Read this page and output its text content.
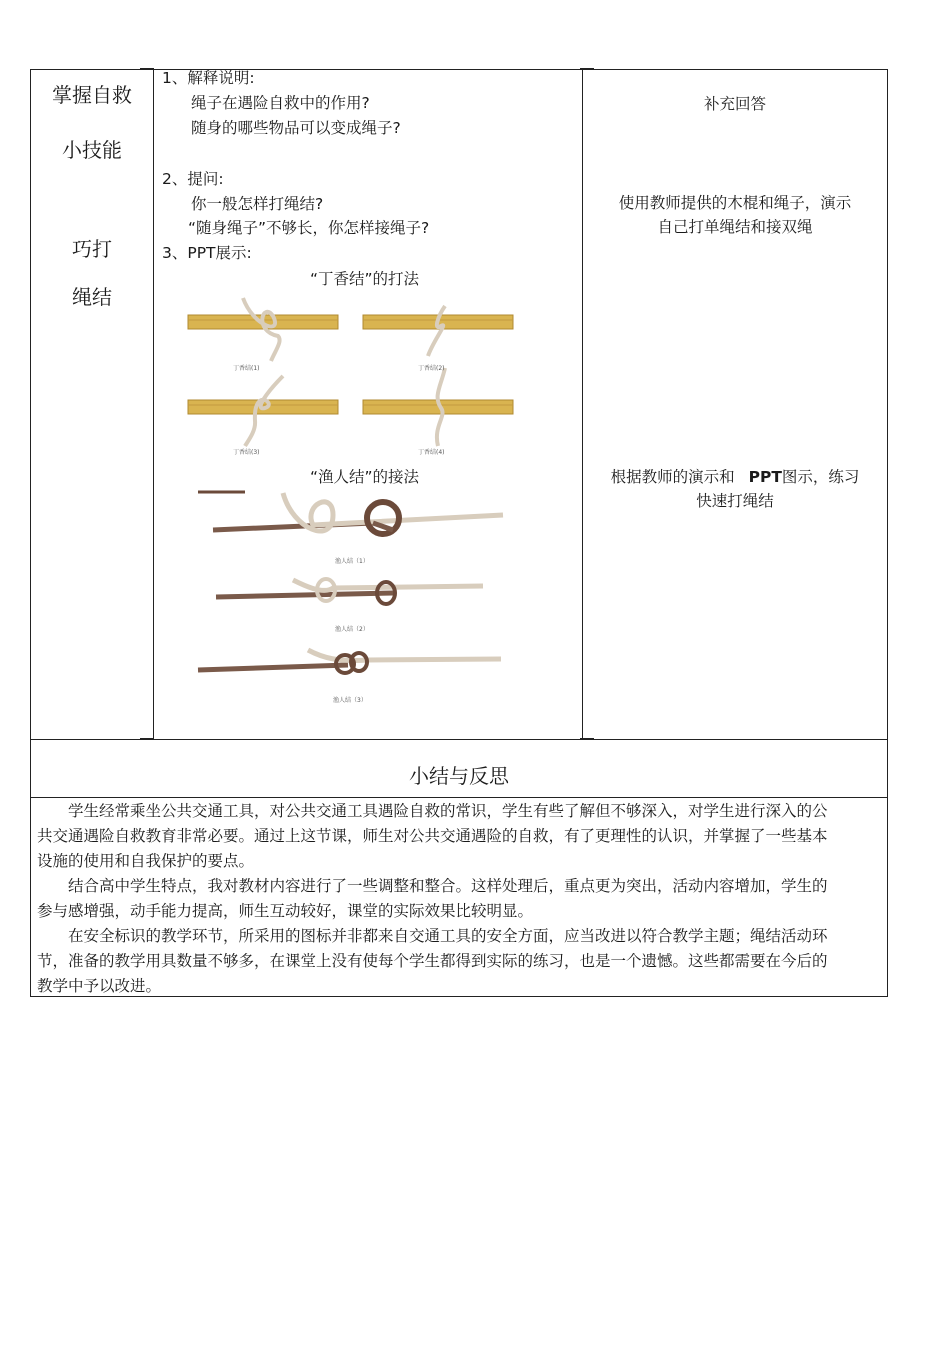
掌握自救
小技能
巧打
绳结
1、解释说明:
绳子在遇险自救中的作用?
随身的哪些物品可以变成绳子?
2、提问:
你一般怎样打绳结?
“随身绳子”不够长，你怎样接绳子?
3、PPT展示:
“丁香结”的打法
丁香结(1)	丁香结(2)
丁香结(3)	丁香结(4)
“渔人结”的接法
渔人结（1）
渔人结（2）
渔人结（3）
补充回答
使用教师提供的木棍和绳子，演示
自己打单绳结和接双绳
根据教师的演示和 PPT图示，练习
快速打绳结
小结与反思
学生经常乘坐公共交通工具，对公共交通工具遇险自救的常识，学生有些了解但不够深入，对学生进行深入的公共交通遇险自救教育非常必要。通过上这节课，师生对公共交通遇险的自救，有了更理性的认识，并掌握了一些基本设施的使用和自我保护的要点。
结合高中学生特点，我对教材内容进行了一些调整和整合。这样处理后，重点更为突出，活动内容增加，学生的参与感增强，动手能力提高，师生互动较好，课堂的实际效果比较明显。
在安全标识的教学环节，所采用的图标并非都来自交通工具的安全方面，应当改进以符合教学主题；绳结活动环节，准备的教学用具数量不够多，在课堂上没有使每个学生都得到实际的练习，也是一个遗憾。这些都需要在今后的教学中予以改进。
